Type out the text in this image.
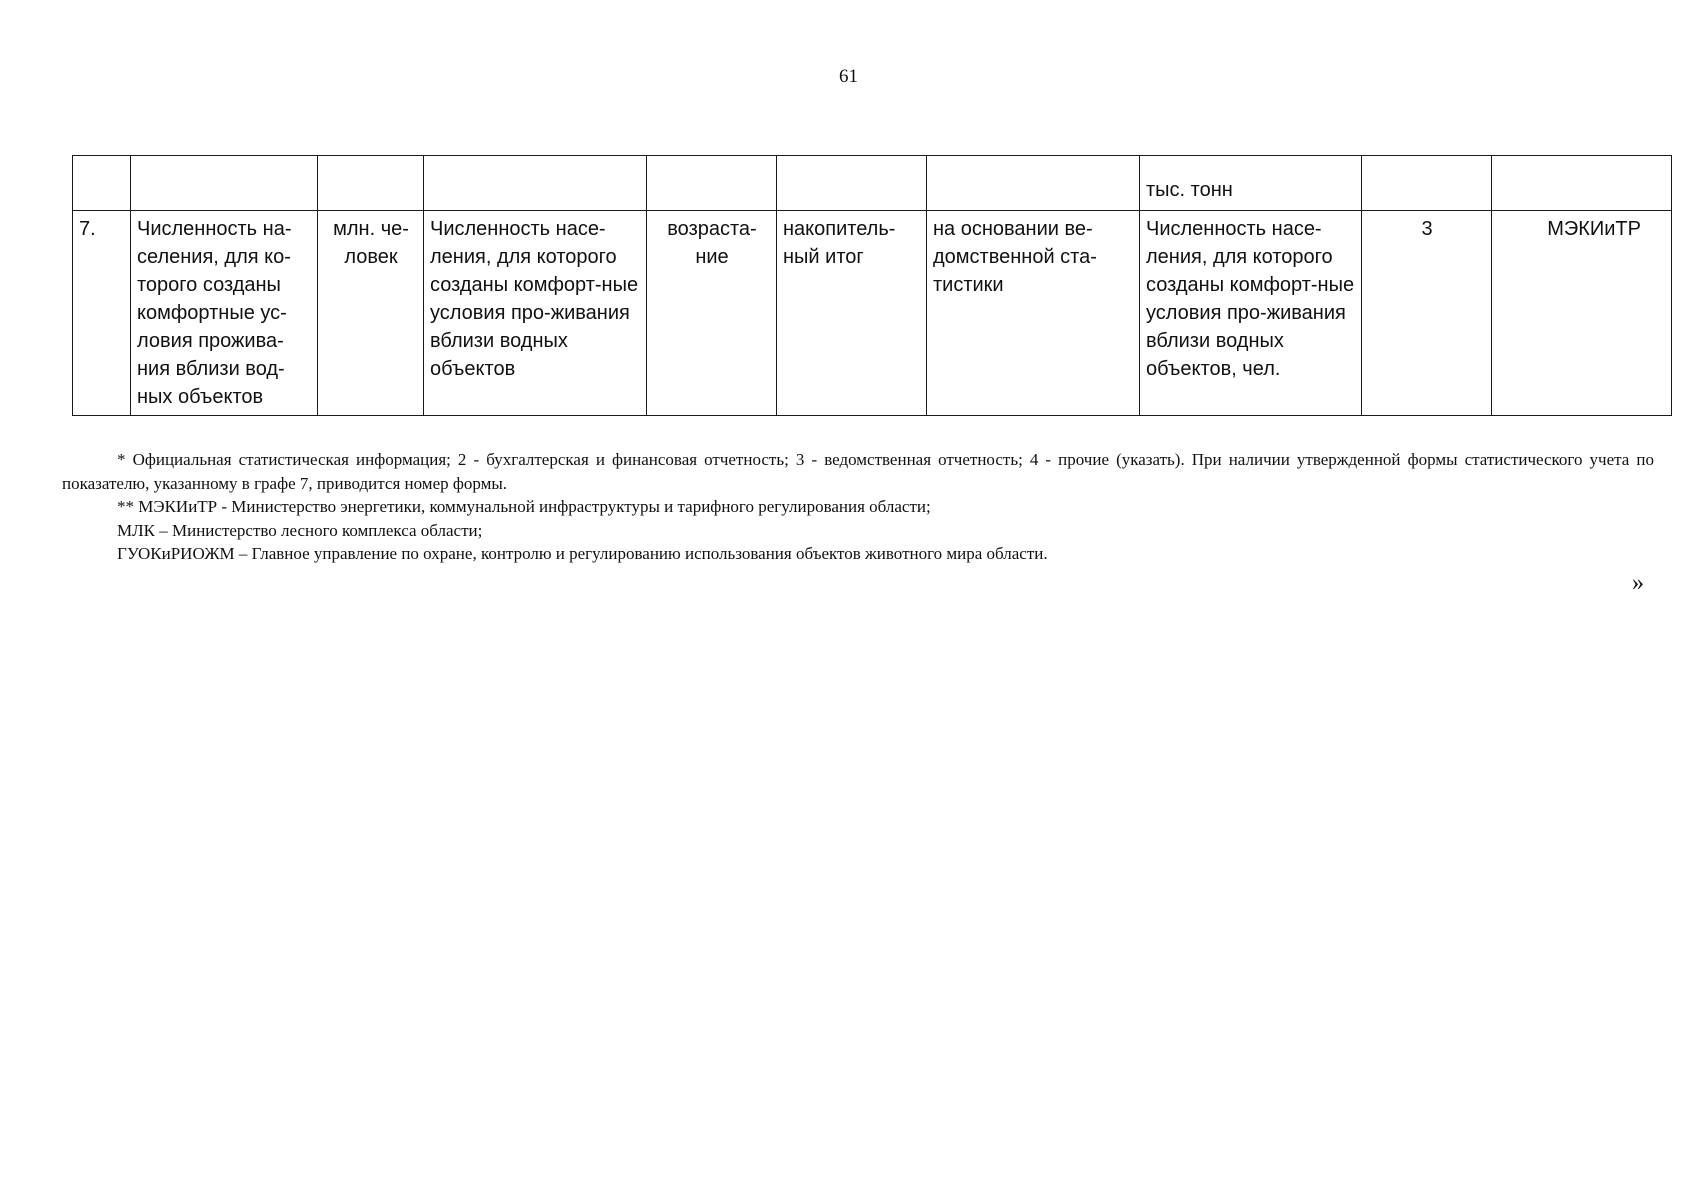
61
							тыс. тонн		
7.	Численность на-селения, для ко-торого созданы комфортные ус-ловия прожива-ния вблизи вод-ных объектов	млн. че-ловек	Численность насе-ления, для которого созданы комфорт-ные условия про-живания вблизи водных объектов	возраста-ние	накопитель-ный итог	на основании ве-домственной ста-тистики	Численность насе-ления, для которого созданы комфорт-ные условия про-живания вблизи водных объектов, чел.	3	МЭКИиТР

* Официальная статистическая информация; 2 - бухгалтерская и финансовая отчетность; 3 - ведомственная отчетность; 4 - прочие (указать). При наличии утвержденной формы статистического учета по показателю, указанному в графе 7, приводится номер формы.

** МЭКИиТР - Министерство энергетики, коммунальной инфраструктуры и тарифного регулирования области;

МЛК – Министерство лесного комплекса области;

ГУОКиРИОЖМ – Главное управление по охране, контролю и регулированию использования объектов животного мира области.

»
